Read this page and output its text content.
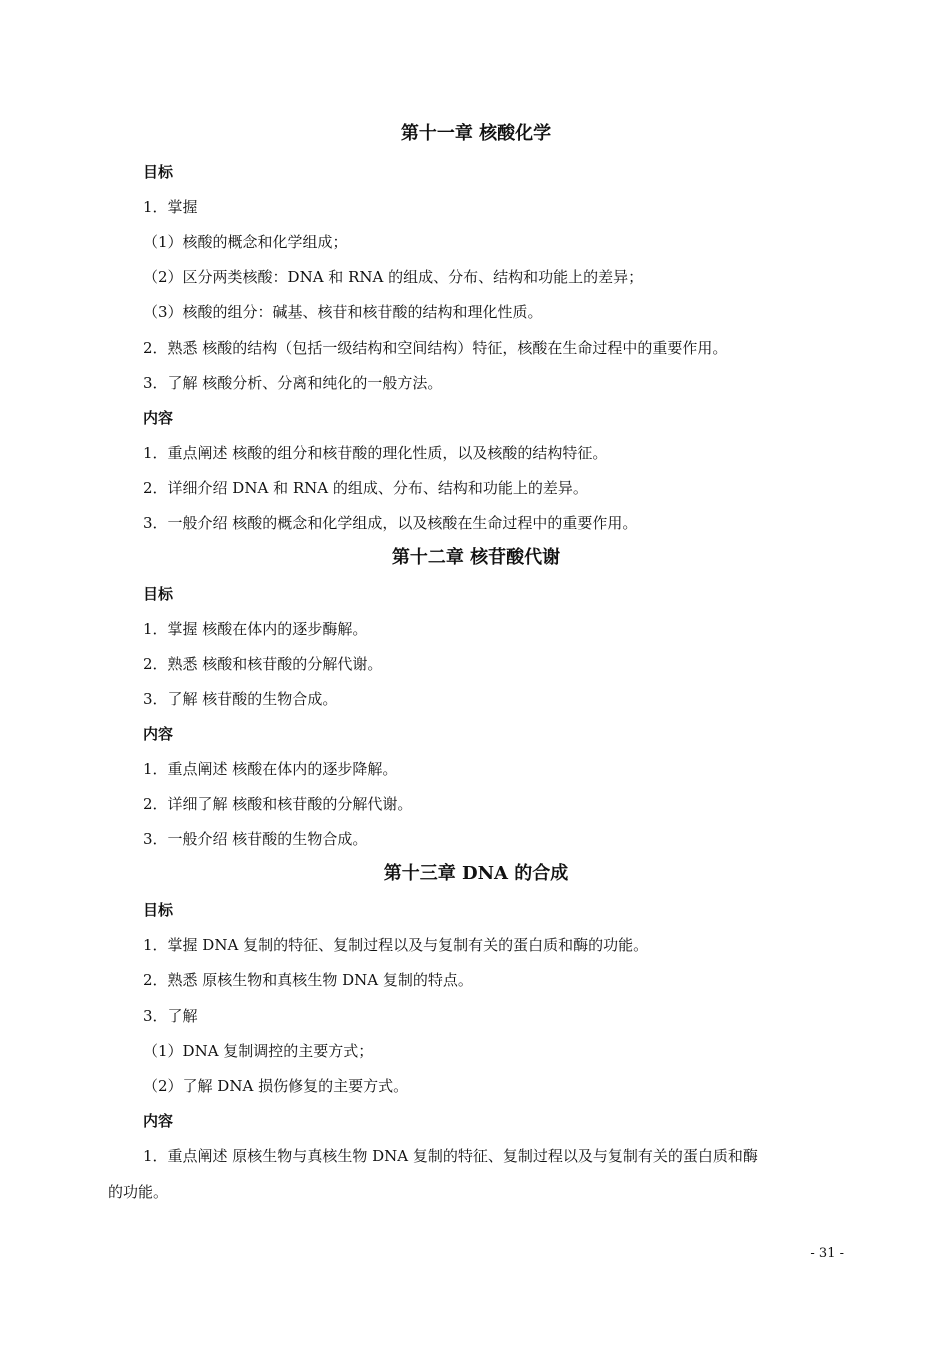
第十一章 核酸化学
目标
1．掌握
（1）核酸的概念和化学组成；
（2）区分两类核酸：DNA 和 RNA 的组成、分布、结构和功能上的差异；
（3）核酸的组分：碱基、核苷和核苷酸的结构和理化性质。
2．熟悉 核酸的结构（包括一级结构和空间结构）特征，核酸在生命过程中的重要作用。
3．了解 核酸分析、分离和纯化的一般方法。
内容
1．重点阐述 核酸的组分和核苷酸的理化性质，以及核酸的结构特征。
2．详细介绍 DNA 和 RNA 的组成、分布、结构和功能上的差异。
3．一般介绍 核酸的概念和化学组成，以及核酸在生命过程中的重要作用。
第十二章 核苷酸代谢
目标
1．掌握 核酸在体内的逐步酶解。
2．熟悉 核酸和核苷酸的分解代谢。
3．了解 核苷酸的生物合成。
内容
1．重点阐述 核酸在体内的逐步降解。
2．详细了解 核酸和核苷酸的分解代谢。
3．一般介绍 核苷酸的生物合成。
第十三章 DNA 的合成
目标
1．掌握 DNA 复制的特征、复制过程以及与复制有关的蛋白质和酶的功能。
2．熟悉 原核生物和真核生物 DNA 复制的特点。
3．了解
（1）DNA 复制调控的主要方式；
（2）了解 DNA 损伤修复的主要方式。
内容
1．重点阐述 原核生物与真核生物 DNA 复制的特征、复制过程以及与复制有关的蛋白质和酶
的功能。
- 31 -
